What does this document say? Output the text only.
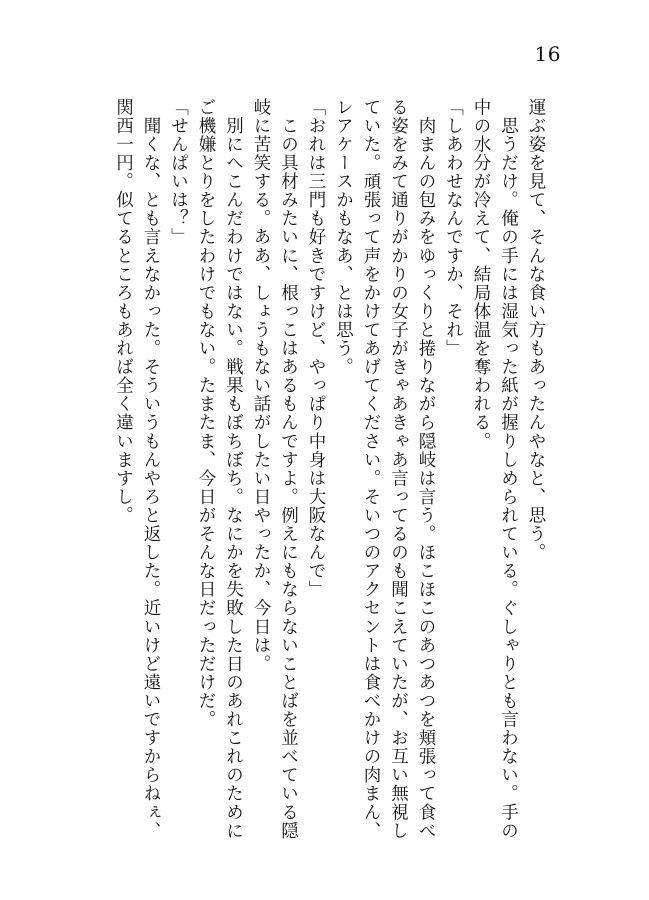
16

運ぶ姿を見て、そんな食い方もあったんやなと、思う。

　思うだけ。俺の手には湿気った紙が握りしめられている。ぐしゃりとも言わない。手の

中の水分が冷えて、結局体温を奪われる。

「しあわせなんですか、それ」

　肉まんの包みをゆっくりと捲りながら隠岐は言う。ほこほこのあつあつを頬張って食べ

る姿をみて通りがかりの女子がきゃあきゃあ言ってるのも聞こえていたが、お互い無視し

ていた。頑張って声をかけてあげてください。そいつのアクセントは食べかけの肉まん、

レアケースかもなあ、とは思う。

「おれは三門も好きですけど、やっぱり中身は大阪なんで」

　この具材みたいに、根っこはあるもんですよ。例えにもならないことばを並べている隠

岐に苦笑する。ああ、しょうもない話がしたい日やったか、今日は。

　別にへこんだわけではない。戦果もぼちぼち。なにかを失敗した日のあれこれのために

ご機嫌とりをしたわけでもない。たまたま、今日がそんな日だっただけだ。

「せんぱいは？」

　聞くな、とも言えなかった。そういうもんやろと返した。近いけど遠いですからねぇ、

関西一円。似てるところもあれば全く違いますし。
